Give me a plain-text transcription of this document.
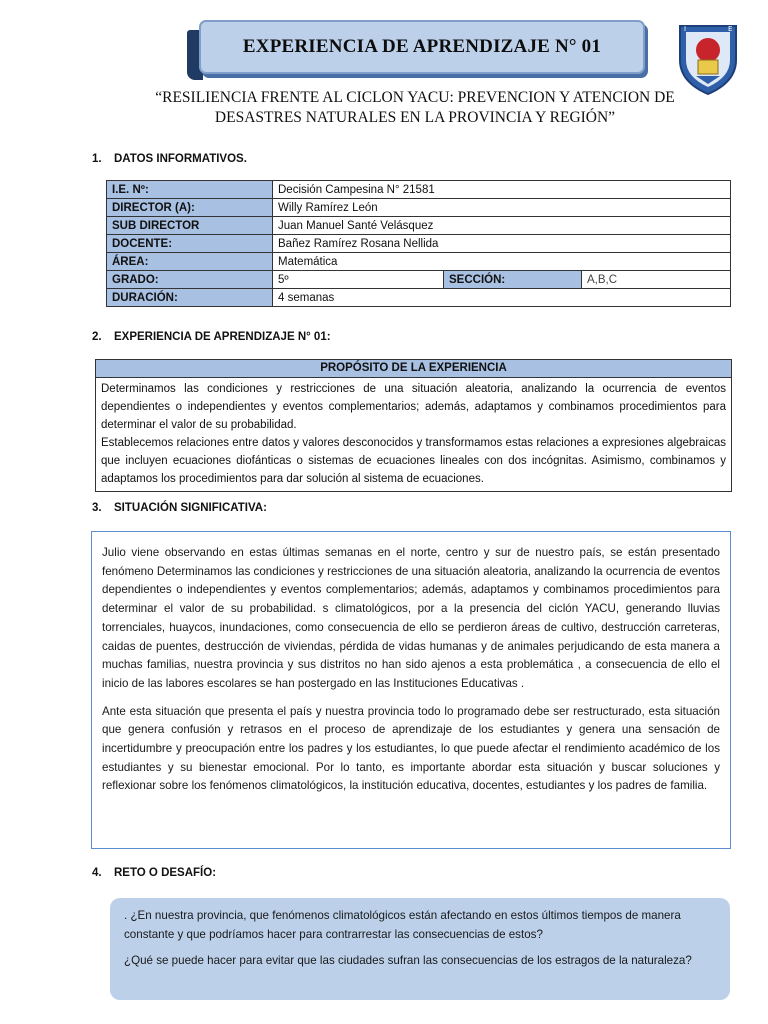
EXPERIENCIA DE APRENDIZAJE N° 01
I	E
“RESILIENCIA FRENTE AL CICLON YACU: PREVENCION Y ATENCION DE
DESASTRES NATURALES EN LA PROVINCIA Y REGIÓN”
1. DATOS INFORMATIVOS.
I.E. Nº:	Decisión Campesina N° 21581		
DIRECTOR (A):	Willy Ramírez León		
SUB DIRECTOR	Juan Manuel Santé Velásquez		
DOCENTE:	Bañez Ramírez Rosana Nellida		
ÁREA:	Matemática		
GRADO:	5º	SECCIÓN:	A,B,C
DURACIÓN:	4 semanas		
2. EXPERIENCIA DE APRENDIZAJE N° 01:
PROPÓSITO DE LA EXPERIENCIA

Determinamos las condiciones y restricciones de una situación aleatoria, analizando la ocurrencia de eventos dependientes o independientes y eventos complementarios; además, adaptamos y combinamos procedimientos para determinar el valor de su probabilidad.

Establecemos relaciones entre datos y valores desconocidos y transformamos estas relaciones a expresiones algebraicas que incluyen ecuaciones diofánticas o sistemas de ecuaciones lineales con dos incógnitas. Asimismo, combinamos y adaptamos los procedimientos para dar solución al sistema de ecuaciones.

3. SITUACIÓN SIGNIFICATIVA:

Julio viene observando en estas últimas semanas en el norte, centro y sur de nuestro país, se están presentado fenómeno Determinamos las condiciones y restricciones de una situación aleatoria, analizando la ocurrencia de eventos dependientes o independientes y eventos complementarios; además, adaptamos y combinamos procedimientos para determinar el valor de su probabilidad. s climatológicos, por a la presencia del ciclón YACU, generando lluvias torrenciales, huaycos, inundaciones, como consecuencia de ello se perdieron áreas de cultivo, destrucción carreteras, caidas de puentes, destrucción de viviendas, pérdida de vidas humanas y de animales perjudicando de esta manera a muchas familias, nuestra provincia y sus distritos no han sido ajenos a esta problemática , a consecuencia de ello el inicio de las labores escolares se han postergado en las Instituciones Educativas .

Ante esta situación que presenta el país y nuestra provincia todo lo programado debe ser restructurado, esta situación que genera confusión y retrasos en el proceso de aprendizaje de los estudiantes y genera una sensación de incertidumbre y preocupación entre los padres y los estudiantes, lo que puede afectar el rendimiento académico de los estudiantes y su bienestar emocional. Por lo tanto, es importante abordar esta situación y buscar soluciones y reflexionar sobre los fenómenos climatológicos, la institución educativa, docentes, estudiantes y los padres de familia.

4. RETO O DESAFÍO:

. ¿En nuestra provincia, que fenómenos climatológicos están afectando en estos últimos tiempos de manera constante y que podríamos hacer para contrarrestar las consecuencias de estos?

¿Qué se puede hacer para evitar que las ciudades sufran las consecuencias de los estragos de la naturaleza?
